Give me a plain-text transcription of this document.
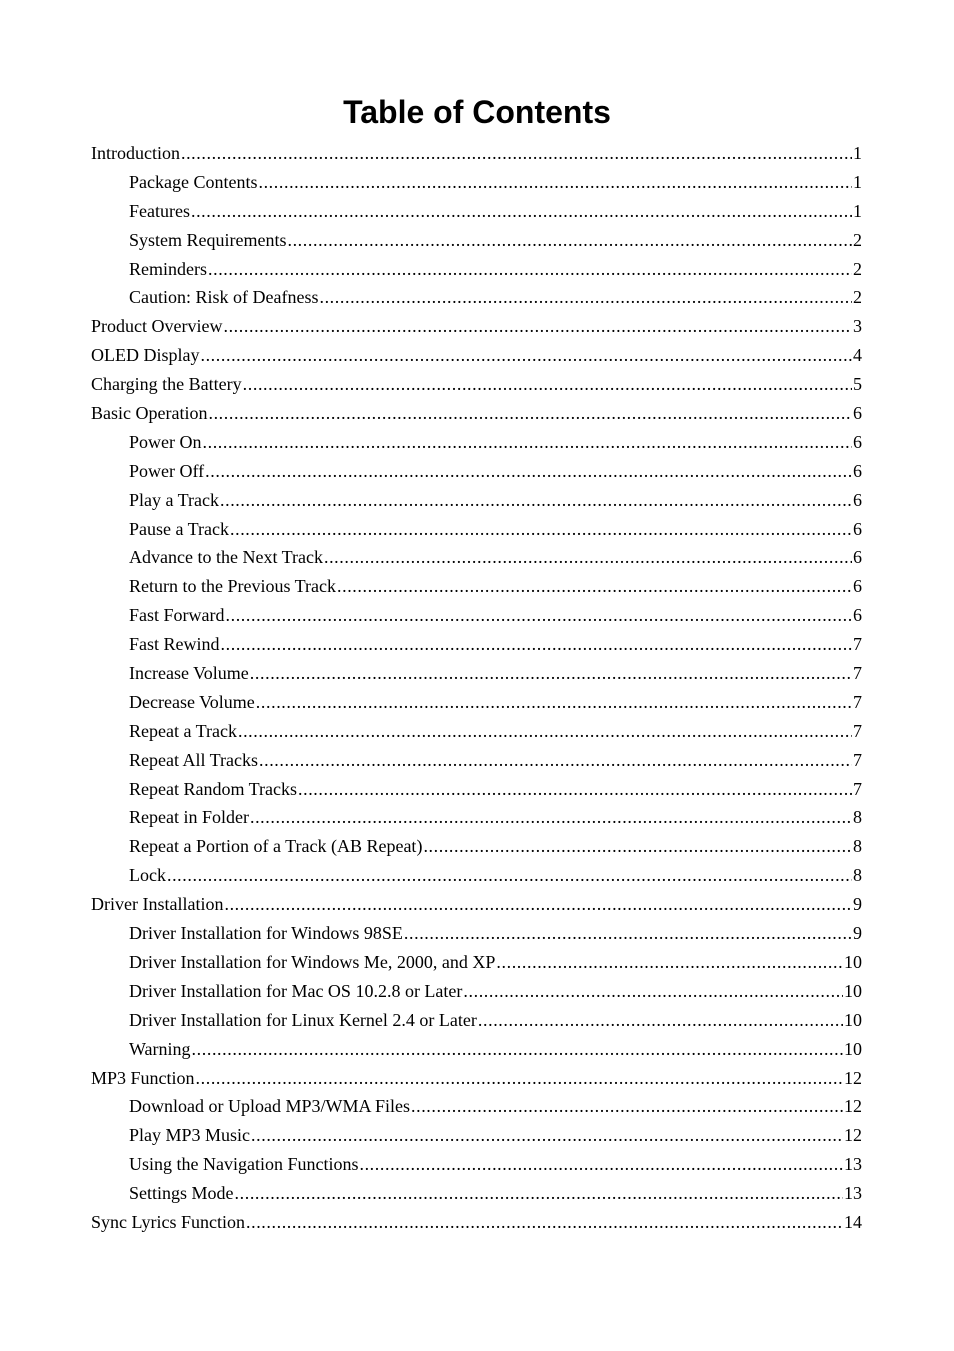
Table of Contents
Introduction .....	1
Package Contents .....	1
Features .....	1
System Requirements .....	2
Reminders .....	2
Caution: Risk of Deafness .....	2
Product Overview .....	3
OLED Display .....	4
Charging the Battery .....	5
Basic Operation .....	6
Power On .....	6
Power Off .....	6
Play a Track .....	6
Pause a Track .....	6
Advance to the Next Track .....	6
Return to the Previous Track .....	6
Fast Forward .....	6
Fast Rewind .....	7
Increase Volume .....	7
Decrease Volume .....	7
Repeat a Track .....	7
Repeat All Tracks .....	7
Repeat Random Tracks .....	7
Repeat in Folder .....	8
Repeat a Portion of a Track (AB Repeat) .....	8
Lock .....	8
Driver Installation .....	9
Driver Installation for Windows 98SE .....	9
Driver Installation for Windows Me, 2000, and XP .....	10
Driver Installation for Mac OS 10.2.8 or Later .....	10
Driver Installation for Linux Kernel 2.4 or Later .....	10
Warning .....	10
MP3 Function .....	12
Download or Upload MP3/WMA Files .....	12
Play MP3 Music .....	12
Using the Navigation Functions .....	13
Settings Mode .....	13
Sync Lyrics Function .....	14
